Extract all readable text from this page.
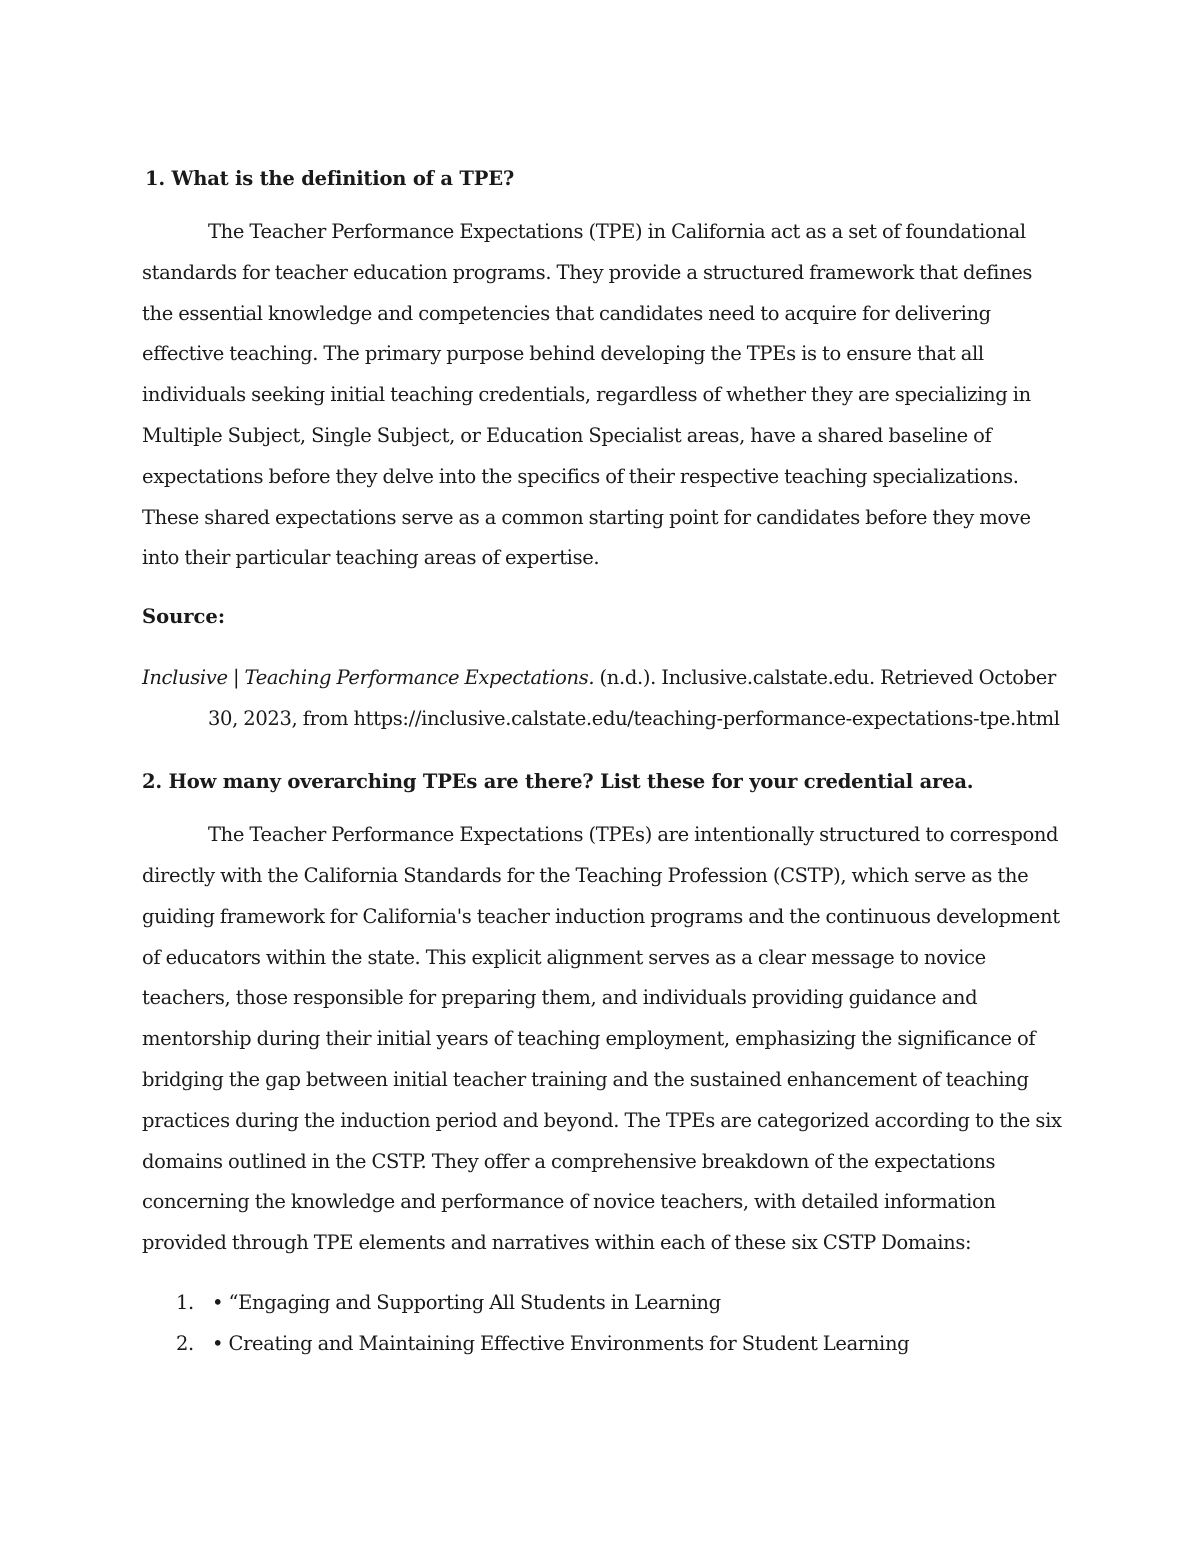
1. What is the definition of a TPE?

The Teacher Performance Expectations (TPE) in California act as a set of foundational standards for teacher education programs. They provide a structured framework that defines the essential knowledge and competencies that candidates need to acquire for delivering effective teaching. The primary purpose behind developing the TPEs is to ensure that all individuals seeking initial teaching credentials, regardless of whether they are specializing in Multiple Subject, Single Subject, or Education Specialist areas, have a shared baseline of expectations before they delve into the specifics of their respective teaching specializations. These shared expectations serve as a common starting point for candidates before they move into their particular teaching areas of expertise.

Source:

Inclusive | Teaching Performance Expectations. (n.d.). Inclusive.calstate.edu. Retrieved October 30, 2023, from https://inclusive.calstate.edu/teaching-performance-expectations-tpe.html

2. How many overarching TPEs are there? List these for your credential area.

The Teacher Performance Expectations (TPEs) are intentionally structured to correspond directly with the California Standards for the Teaching Profession (CSTP), which serve as the guiding framework for California's teacher induction programs and the continuous development of educators within the state. This explicit alignment serves as a clear message to novice teachers, those responsible for preparing them, and individuals providing guidance and mentorship during their initial years of teaching employment, emphasizing the significance of bridging the gap between initial teacher training and the sustained enhancement of teaching practices during the induction period and beyond. The TPEs are categorized according to the six domains outlined in the CSTP. They offer a comprehensive breakdown of the expectations concerning the knowledge and performance of novice teachers, with detailed information provided through TPE elements and narratives within each of these six CSTP Domains:

1. • “Engaging and Supporting All Students in Learning
2. • Creating and Maintaining Effective Environments for Student Learning
